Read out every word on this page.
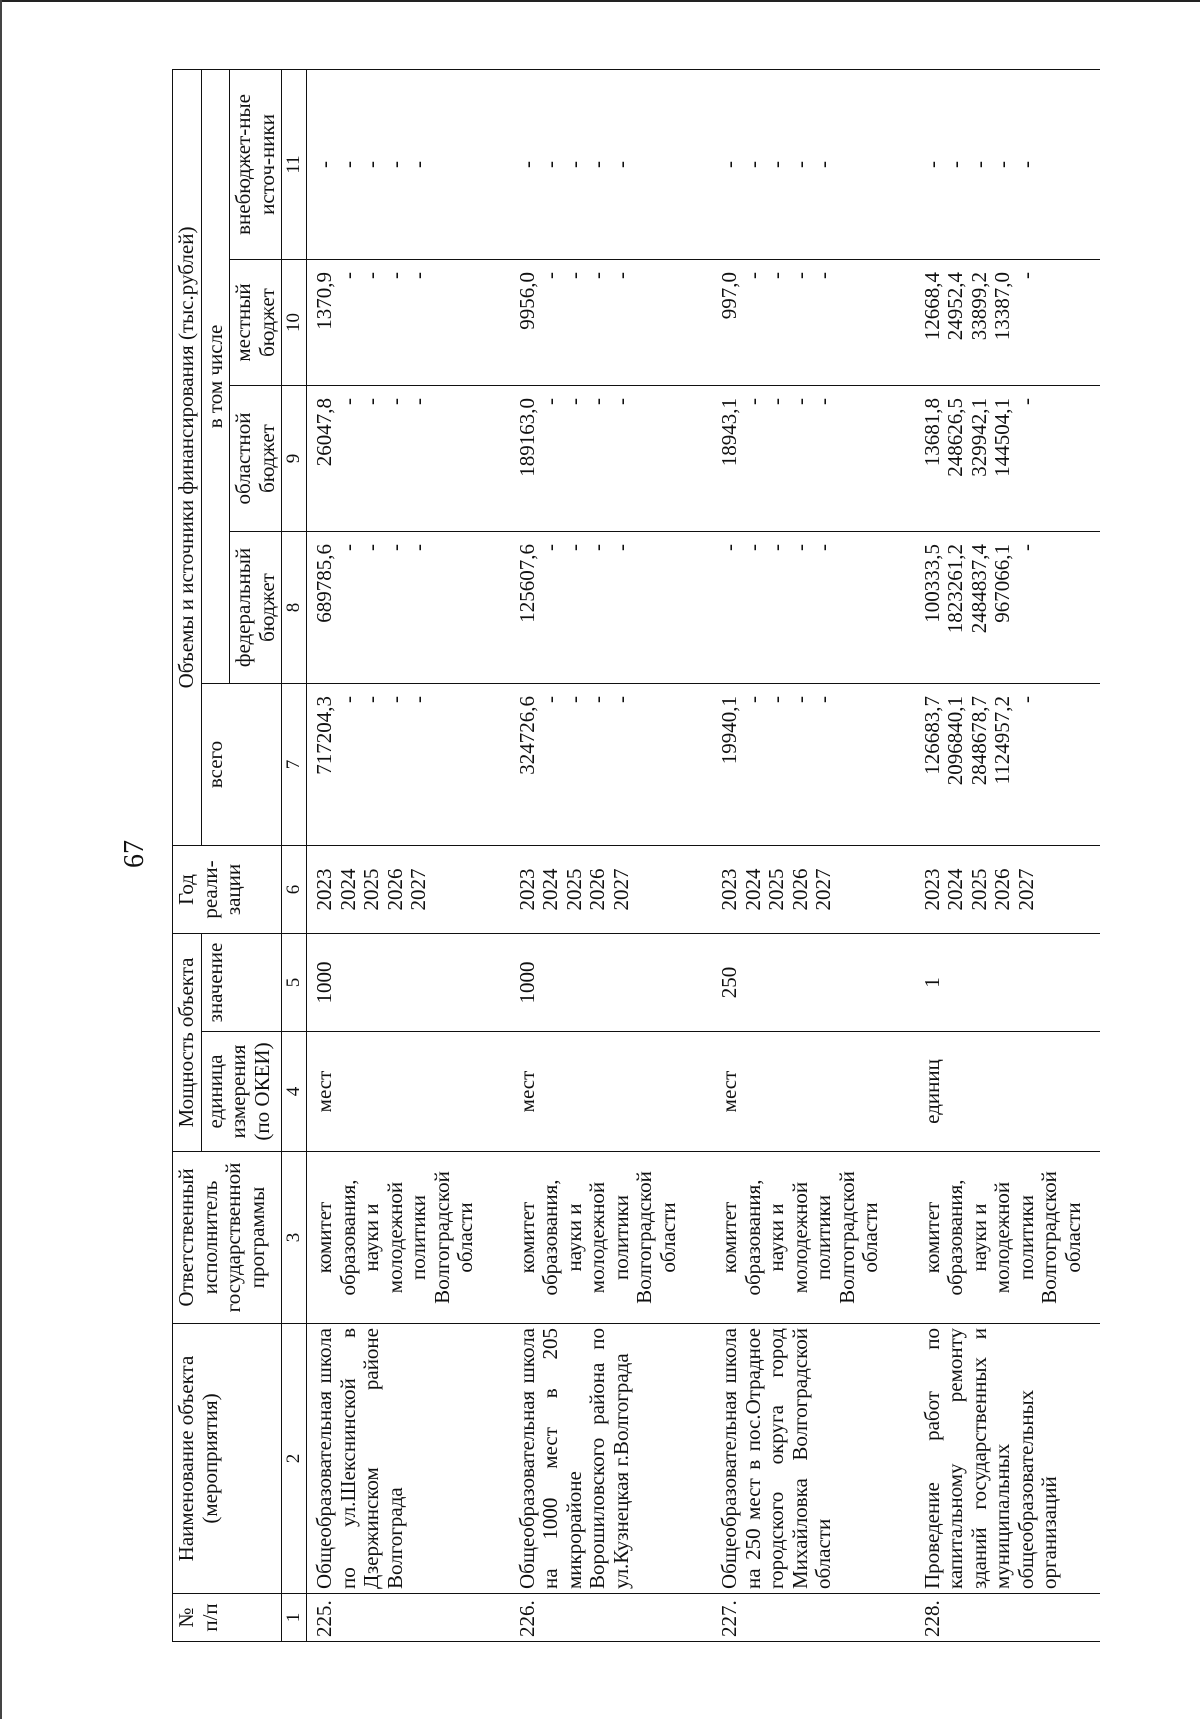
67
№ п/п	Наименование объекта (мероприятия)	Ответственный исполнитель государственной программы	Мощность объекта		Год реали-зации	Объемы и источники финансирования (тыс.рублей)				
			единица измерения (по ОКЕИ)	значение		всего	в том числе			
							федеральный бюджет	областной бюджет	местный бюджет	внебюджет-ные источ-ники
1	2	3	4	5	6	7	8	9	10	11
225.	Общеобразовательная школа по ул.Шекснинской в Дзержинском районе Волгограда	комитет образования, науки и молодежной политики Волгоградской области	мест	1000	2023 2024 2025 2026 2027	717204,3 - - - -	689785,6 - - - -	26047,8 - - - -	1370,9 - - - -	- - - - -

226.	Общеобразовательная школа на 1000 мест в 205 микрорайоне Ворошиловского района по ул.Кузнецкая г.Волгограда	комитет образования, науки и молодежной политики Волгоградской области	мест	1000	2023 2024 2025 2026 2027	324726,6 - - - -	125607,6 - - - -	189163,0 - - - -	9956,0 - - - -	- - - - -

227.	Общеобразовательная школа на 250 мест в пос.Отрадное городского округа город Михайловка Волгоградской области	комитет образования, науки и молодежной политики Волгоградской области	мест	250	2023 2024 2025 2026 2027	19940,1 - - - -	- - - - -	18943,1 - - - -	997,0 - - - -	- - - - -

228.	Проведение работ по капитальному ремонту зданий государственных и муниципальных общеобразовательных организаций	комитет образования, науки и молодежной политики Волгоградской области	единиц	1	2023 2024 2025 2026 2027	126683,7 2096840,1 2848678,7 1124957,2 -	100333,5 1823261,2 2484837,4 967066,1 -	13681,8 248626,5 329942,1 144504,1 -	12668,4 24952,4 33899,2 13387,0 -	- - - - -
